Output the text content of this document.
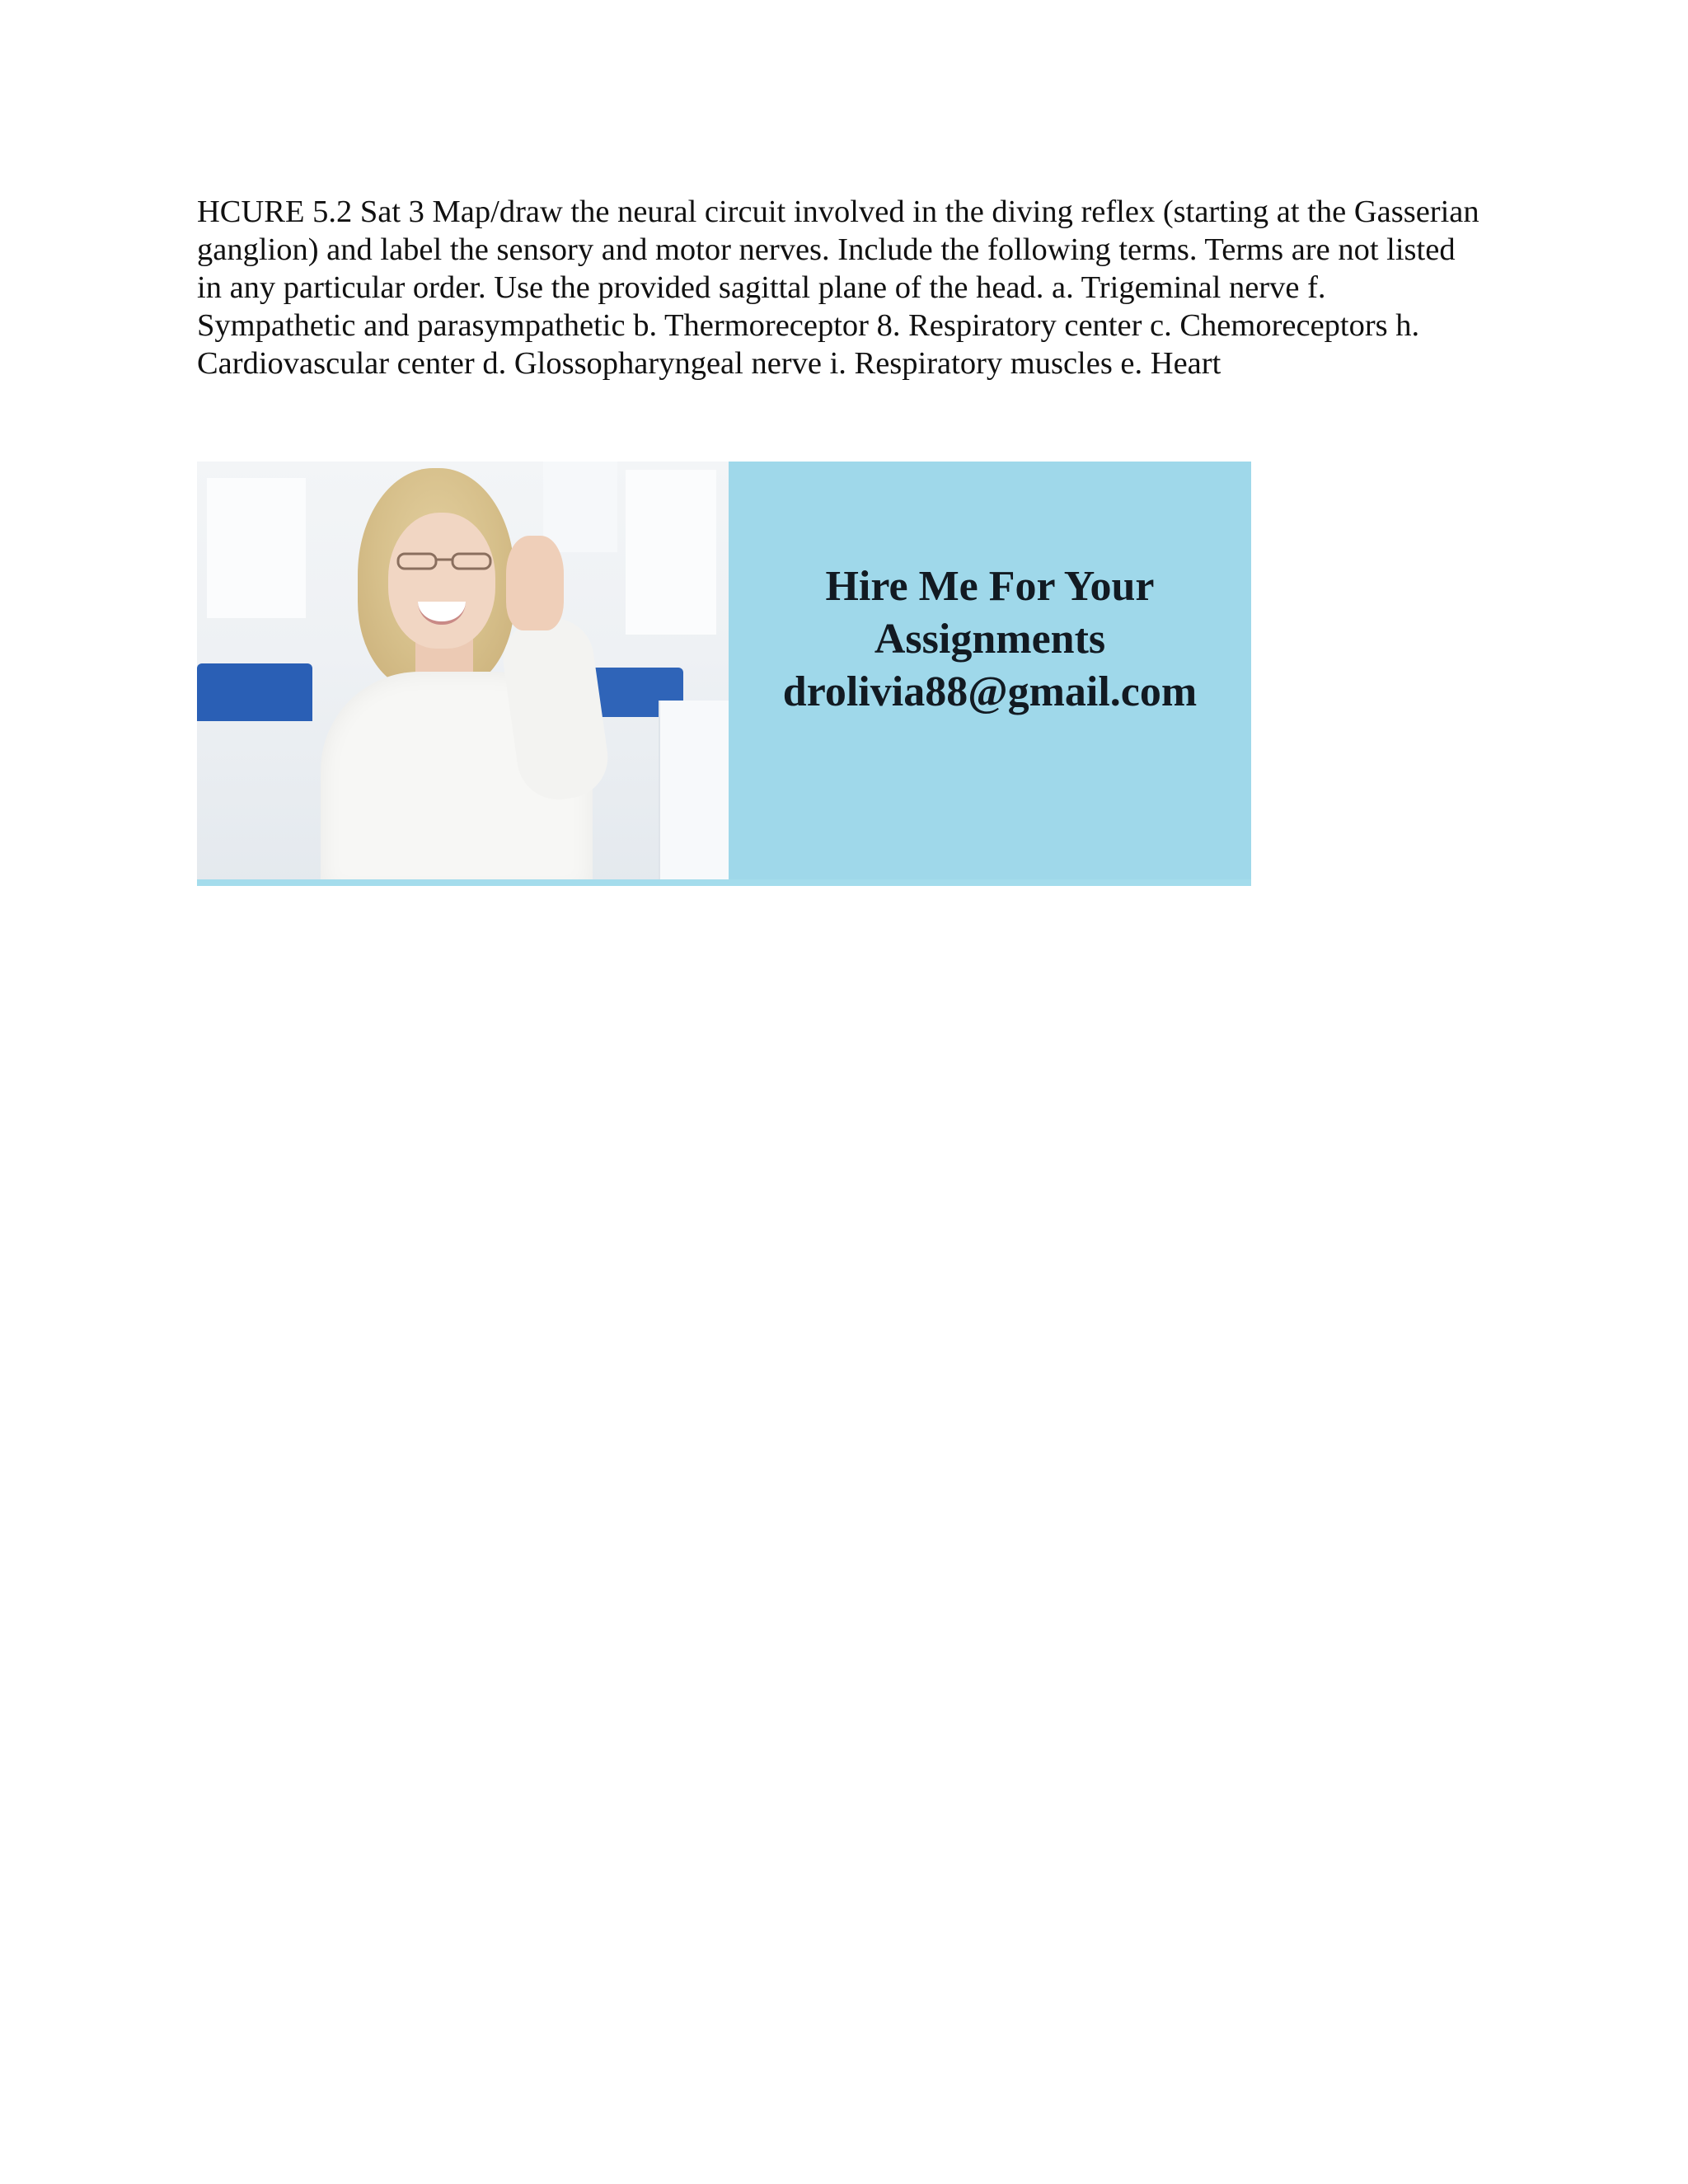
HCURE 5.2 Sat 3 Map/draw the neural circuit involved in the diving reflex (starting at the Gasserian ganglion) and label the sensory and motor nerves. Include the following terms. Terms are not listed in any particular order. Use the provided sagittal plane of the head. a. Trigeminal nerve f. Sympathetic and parasympathetic b. Thermoreceptor 8. Respiratory center c. Chemoreceptors h. Cardiovascular center d. Glossopharyngeal nerve i. Respiratory muscles e. Heart

Hire Me For Your
Assignments
drolivia88@gmail.com
